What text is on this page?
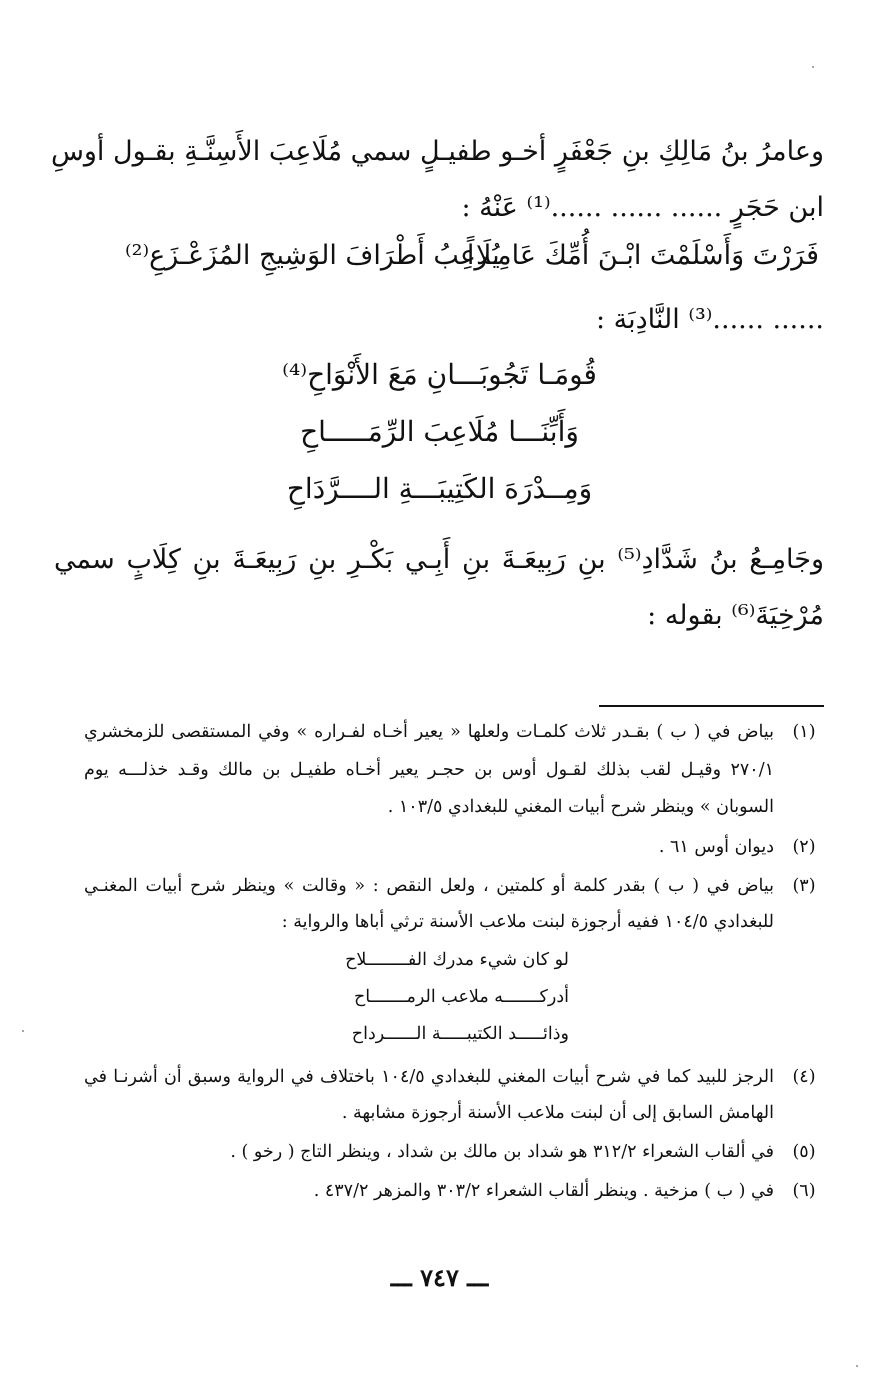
وعامرُ بنُ مَالِكِ بنِ جَعْفَرٍ أخـو طفيـلٍ سمي مُلَاعِبَ الأَسِنَّـةِ بقـول أوسِ
ابن حَجَرٍ ...... ...... ......⁽¹⁾ عَنْهُ :
فَرَرْتَ وَأَسْلَمْتَ ابْـنَ أُمِّكَ عَامِـراً
يُلَاعِبُ أَطْرَافَ الوَشِيجِ المُزَعْـزَعِ⁽²⁾
...... ......⁽³⁾ النَّادِبَة :
قُومَـا تَجُوبَـــانِ مَعَ الأَنْوَاحِ⁽⁴⁾
وَأَبِّنَـــا مُلَاعِبَ الرِّمَـــــاحِ
وَمِــدْرَهَ الكَتِيبَـــةِ الــــرَّدَاحِ
وجَامِـعُ بنُ شَدَّادِ⁽⁵⁾ بنِ رَبِيعَـةَ بنِ أَبِـي بَكْـرِ بنِ رَبِيعَـةَ بنِ كِلَابٍ سمي
مُرْخِيَةَ⁽⁶⁾ بقوله :
(١)
بياض في ( ب ) بقـدر ثلاث كلمـات ولعلها « يعير أخـاه لفـراره » وفي المستقصى للزمخشري
٢٧٠/١ وقيـل لقب بذلك لقـول أوس بن حجـر يعير أخـاه طفيـل بن مالك وقـد خذلـــه يوم
السوبان » وينظر شرح أبيات المغني للبغدادي ١٠٣/٥ .
(٢)
ديوان أوس ٦١ .
(٣)
بياض في ( ب ) بقدر كلمة أو كلمتين ، ولعل النقص : « وقالت » وينظر شرح أبيات المغنـي
للبغدادي ١٠٤/٥ ففيه أرجوزة لبنت ملاعب الأسنة ترثي أباها والرواية :
لو كان شيء مدرك الفــــــــلاح
أدركـــــــه ملاعب الرمـــــــاح
وذائـــــد الكتيبـــــة الــــــرداح
(٤)
الرجز للبيد كما في شرح أبيات المغني للبغدادي ١٠٤/٥ باختلاف في الرواية وسبق أن أشرنـا في
الهامش السابق إلى أن لبنت ملاعب الأسنة أرجوزة مشابهة .
(٥)
في ألقاب الشعراء ٣١٢/٢ هو شداد بن مالك بن شداد ، وينظر التاج ( رخو ) .
(٦)
في ( ب ) مزخية . وينظر ألقاب الشعراء ٣٠٣/٢ والمزهر ٤٣٧/٢ .
ـــ ٧٤٧ ـــ
